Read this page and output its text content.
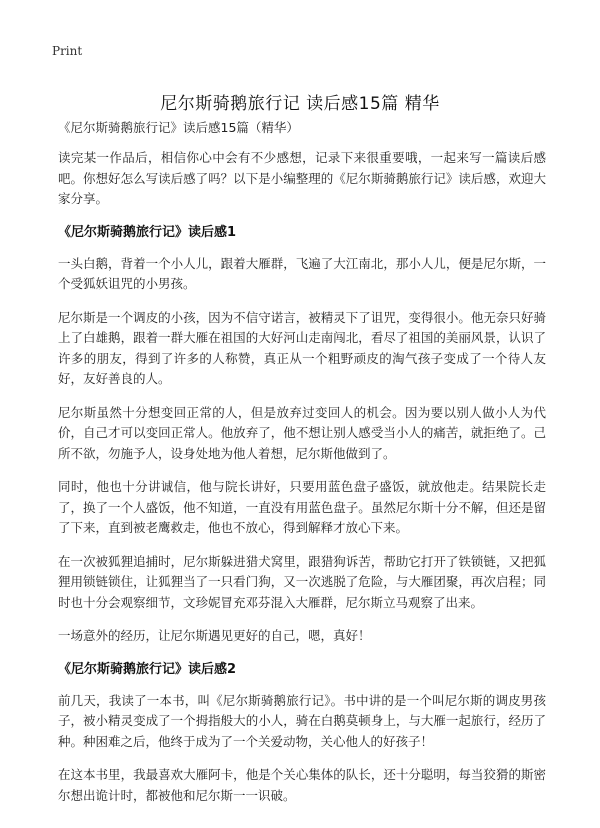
Print
尼尔斯骑鹅旅行记 读后感15篇 精华

《尼尔斯骑鹅旅行记》读后感15篇（精华）

读完某一作品后，相信你心中会有不少感想，记录下来很重要哦，一起来写一篇读后感吧。你想好怎么写读后感了吗？以下是小编整理的《尼尔斯骑鹅旅行记》读后感，欢迎大家分享。

《尼尔斯骑鹅旅行记》读后感1

一头白鹅，背着一个小人儿，跟着大雁群，飞遍了大江南北，那小人儿，便是尼尔斯，一个受狐妖诅咒的小男孩。

尼尔斯是一个调皮的小孩，因为不信守诺言，被精灵下了诅咒，变得很小。他无奈只好骑上了白雄鹅，跟着一群大雁在祖国的大好河山走南闯北，看尽了祖国的美丽风景，认识了许多的朋友，得到了许多的人称赞，真正从一个粗野顽皮的淘气孩子变成了一个待人友好，友好善良的人。

尼尔斯虽然十分想变回正常的人，但是放弃过变回人的机会。因为要以别人做小人为代价，自己才可以变回正常人。他放弃了，他不想让别人感受当小人的痛苦，就拒绝了。己所不欲，勿施予人，设身处地为他人着想，尼尔斯他做到了。

同时，他也十分讲诚信，他与院长讲好，只要用蓝色盘子盛饭，就放他走。结果院长走了，换了一个人盛饭，他不知道，一直没有用蓝色盘子。虽然尼尔斯十分不解，但还是留了下来，直到被老鹰救走，他也不放心，得到解释才放心下来。

在一次被狐狸追捕时，尼尔斯躲进猎犬窝里，跟猎狗诉苦，帮助它打开了铁锁链，又把狐狸用锁链锁住，让狐狸当了一只看门狗，又一次逃脱了危险，与大雁团聚，再次启程；同时也十分会观察细节，文珍妮冒充邓芬混入大雁群，尼尔斯立马观察了出来。

一场意外的经历，让尼尔斯遇见更好的自己，嗯，真好！

《尼尔斯骑鹅旅行记》读后感2

前几天，我读了一本书，叫《尼尔斯骑鹅旅行记》。书中讲的是一个叫尼尔斯的调皮男孩子，被小精灵变成了一个拇指般大的小人，骑在白鹅莫顿身上，与大雁一起旅行，经历了种。种困难之后，他终于成为了一个关爱动物，关心他人的好孩子！

在这本书里，我最喜欢大雁阿卡，他是个关心集体的队长，还十分聪明，每当狡猾的斯密尔想出诡计时，都被他和尼尔斯一一识破。
